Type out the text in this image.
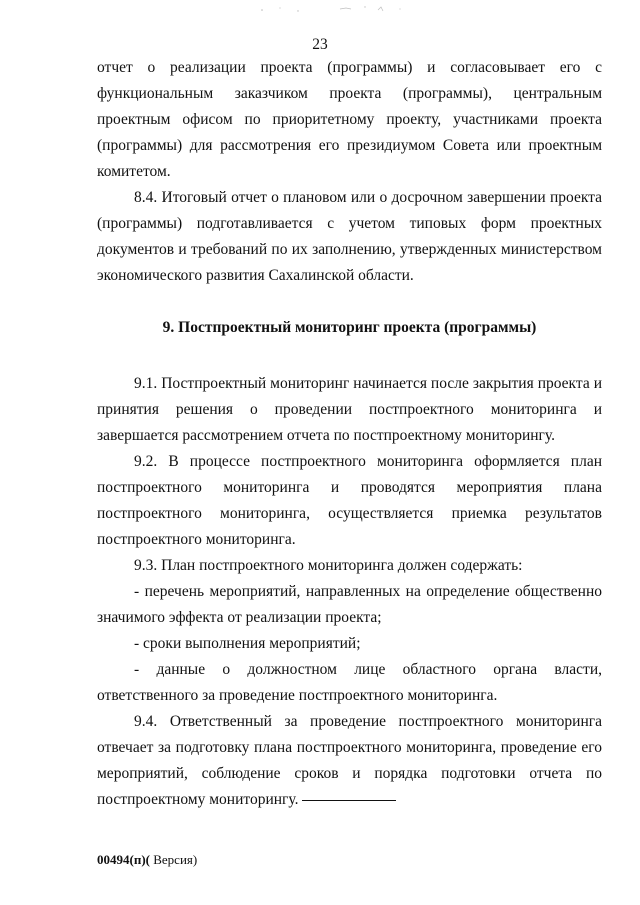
23

отчет о реализации проекта (программы) и согласовывает его с функциональным заказчиком проекта (программы), центральным проектным офисом по приоритетному проекту, участниками проекта (программы) для рассмотрения его президиумом Совета или проектным комитетом.

8.4. Итоговый отчет о плановом или о досрочном завершении проекта (программы) подготавливается с учетом типовых форм проектных документов и требований по их заполнению, утвержденных министерством экономического развития Сахалинской области.

9. Постпроектный мониторинг проекта (программы)

9.1. Постпроектный мониторинг начинается после закрытия проекта и принятия решения о проведении постпроектного мониторинга и завершается рассмотрением отчета по постпроектному мониторингу.

9.2. В процессе постпроектного мониторинга оформляется план постпроектного мониторинга и проводятся мероприятия плана постпроектного мониторинга, осуществляется приемка результатов постпроектного мониторинга.

9.3. План постпроектного мониторинга должен содержать:

- перечень мероприятий, направленных на определение общественно значимого эффекта от реализации проекта;

- сроки выполнения мероприятий;

- данные о должностном лице областного органа власти, ответственного за проведение постпроектного мониторинга.

9.4. Ответственный за проведение постпроектного мониторинга отвечает за подготовку плана постпроектного мониторинга, проведение его мероприятий, соблюдение сроков и порядка подготовки отчета по постпроектному мониторингу.

00494(п)( Версия)
